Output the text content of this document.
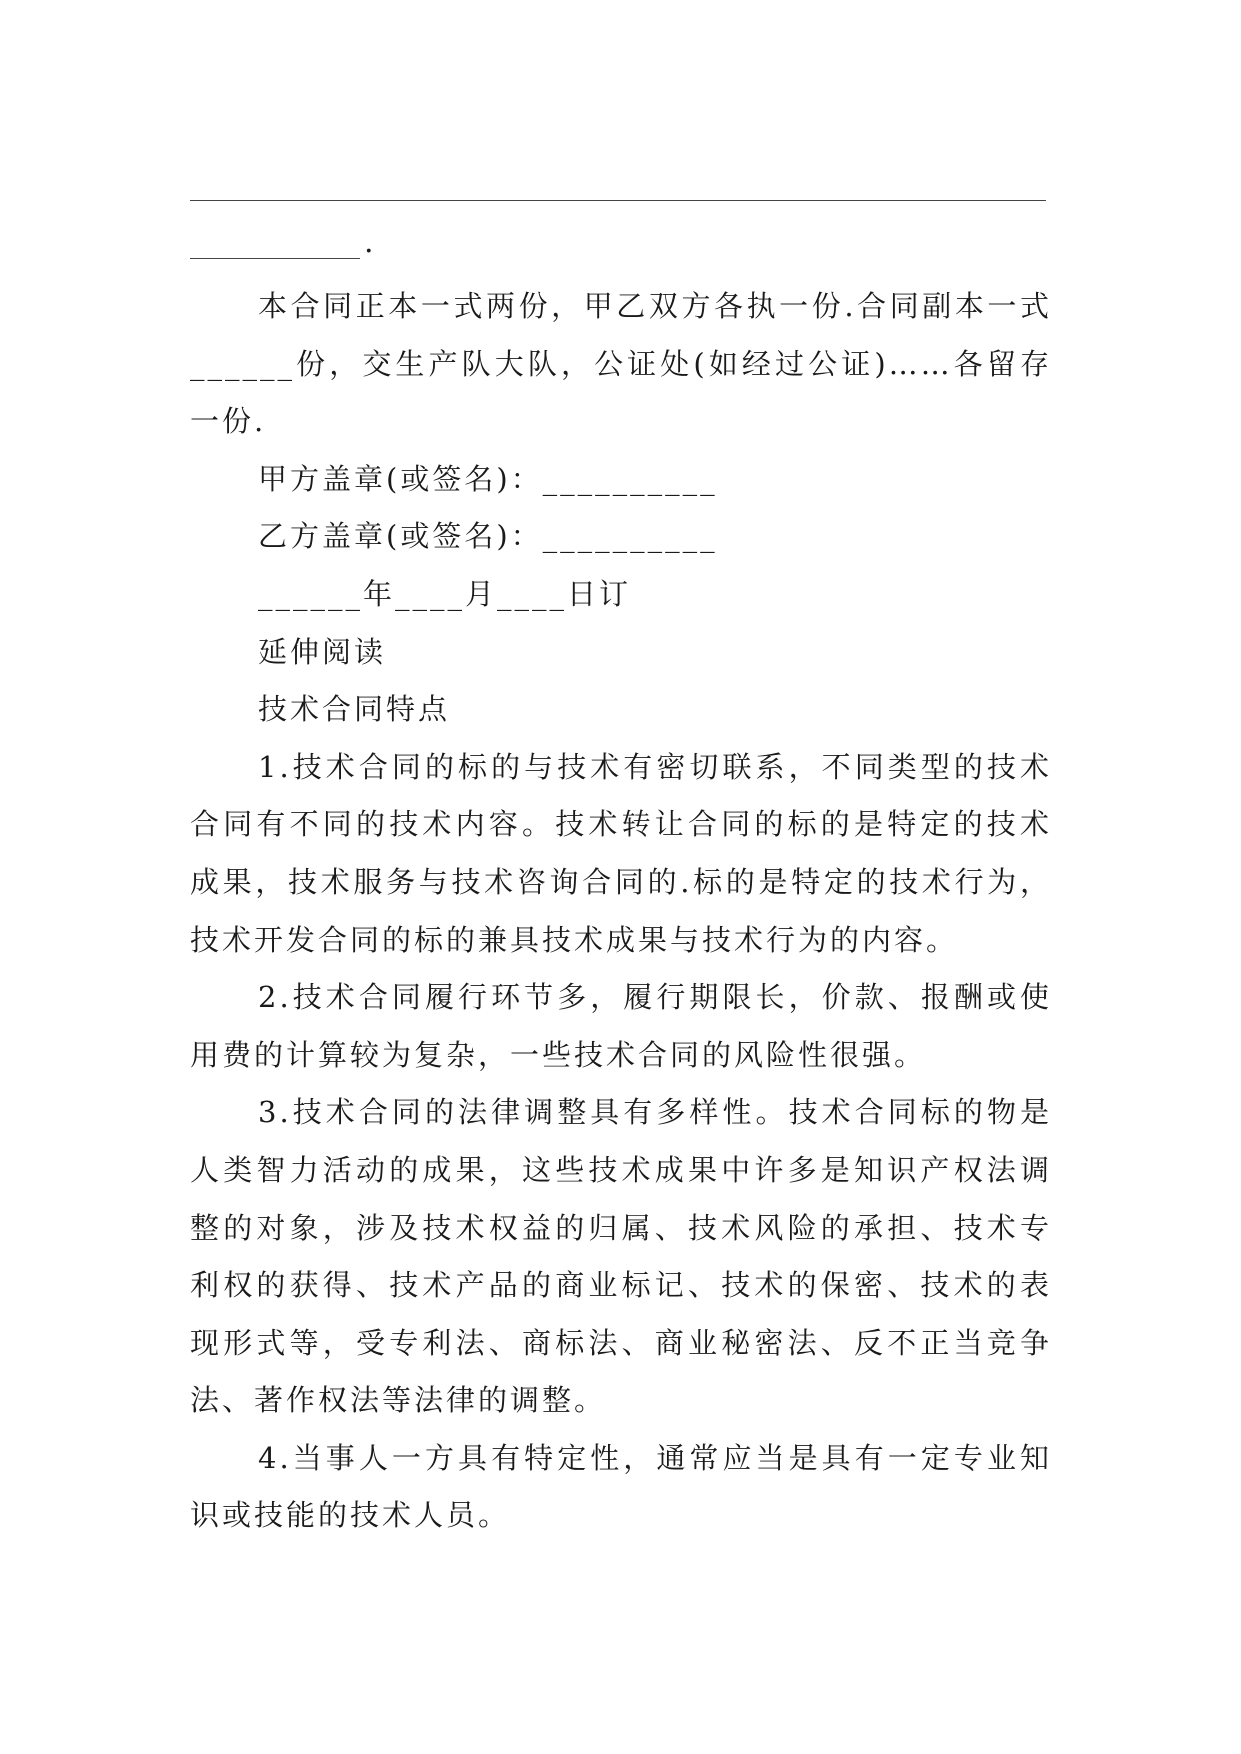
.

本合同正本一式两份，甲乙双方各执一份.合同副本一式______份，交生产队大队，公证处(如经过公证)……各留存一份.

甲方盖章(或签名)：__________

乙方盖章(或签名)：__________

______年____月____日订

延伸阅读

技术合同特点

1.技术合同的标的与技术有密切联系，不同类型的技术合同有不同的技术内容。技术转让合同的标的是特定的技术成果，技术服务与技术咨询合同的.标的是特定的技术行为，技术开发合同的标的兼具技术成果与技术行为的内容。

2.技术合同履行环节多，履行期限长，价款、报酬或使用费的计算较为复杂，一些技术合同的风险性很强。

3.技术合同的法律调整具有多样性。技术合同标的物是人类智力活动的成果，这些技术成果中许多是知识产权法调整的对象，涉及技术权益的归属、技术风险的承担、技术专利权的获得、技术产品的商业标记、技术的保密、技术的表现形式等，受专利法、商标法、商业秘密法、反不正当竞争法、著作权法等法律的调整。

4.当事人一方具有特定性，通常应当是具有一定专业知识或技能的技术人员。
